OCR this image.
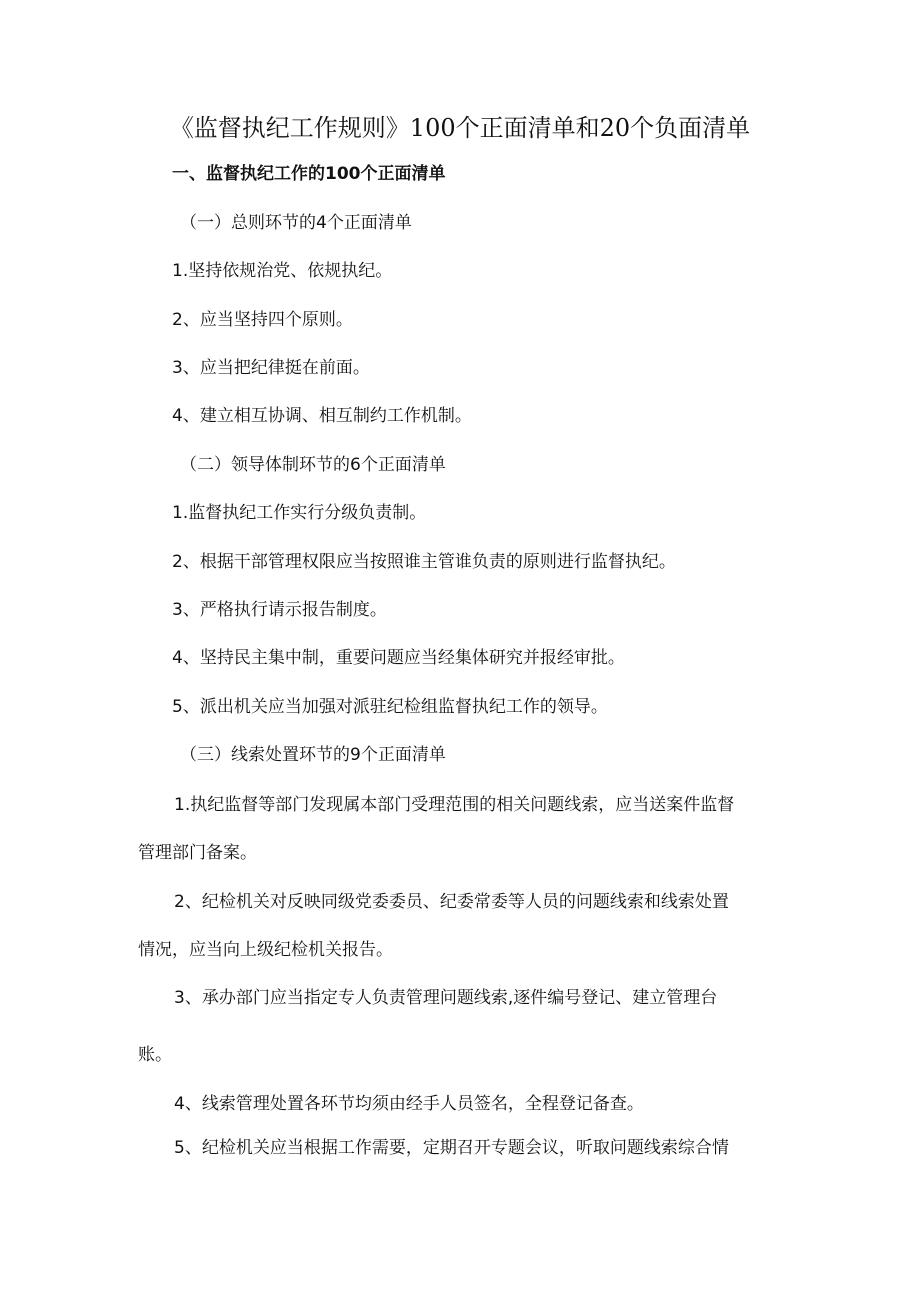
《监督执纪工作规则》100个正面清单和20个负面清单
一、监督执纪工作的100个正面清单
（一）总则环节的4个正面清单
1.坚持依规治党、依规执纪。
2、应当坚持四个原则。
3、应当把纪律挺在前面。
4、建立相互协调、相互制约工作机制。
（二）领导体制环节的6个正面清单
1.监督执纪工作实行分级负责制。
2、根据干部管理权限应当按照谁主管谁负责的原则进行监督执纪。
3、严格执行请示报告制度。
4、坚持民主集中制，重要问题应当经集体研究并报经审批。
5、派出机关应当加强对派驻纪检组监督执纪工作的领导。
（三）线索处置环节的9个正面清单
1.执纪监督等部门发现属本部门受理范围的相关问题线索，应当送案件监督
管理部门备案。
2、纪检机关对反映同级党委委员、纪委常委等人员的问题线索和线索处置
情况，应当向上级纪检机关报告。
3、承办部门应当指定专人负责管理问题线索,逐件编号登记、建立管理台
账。
4、线索管理处置各环节均须由经手人员签名，全程登记备查。
5、纪检机关应当根据工作需要，定期召开专题会议，听取问题线索综合情
